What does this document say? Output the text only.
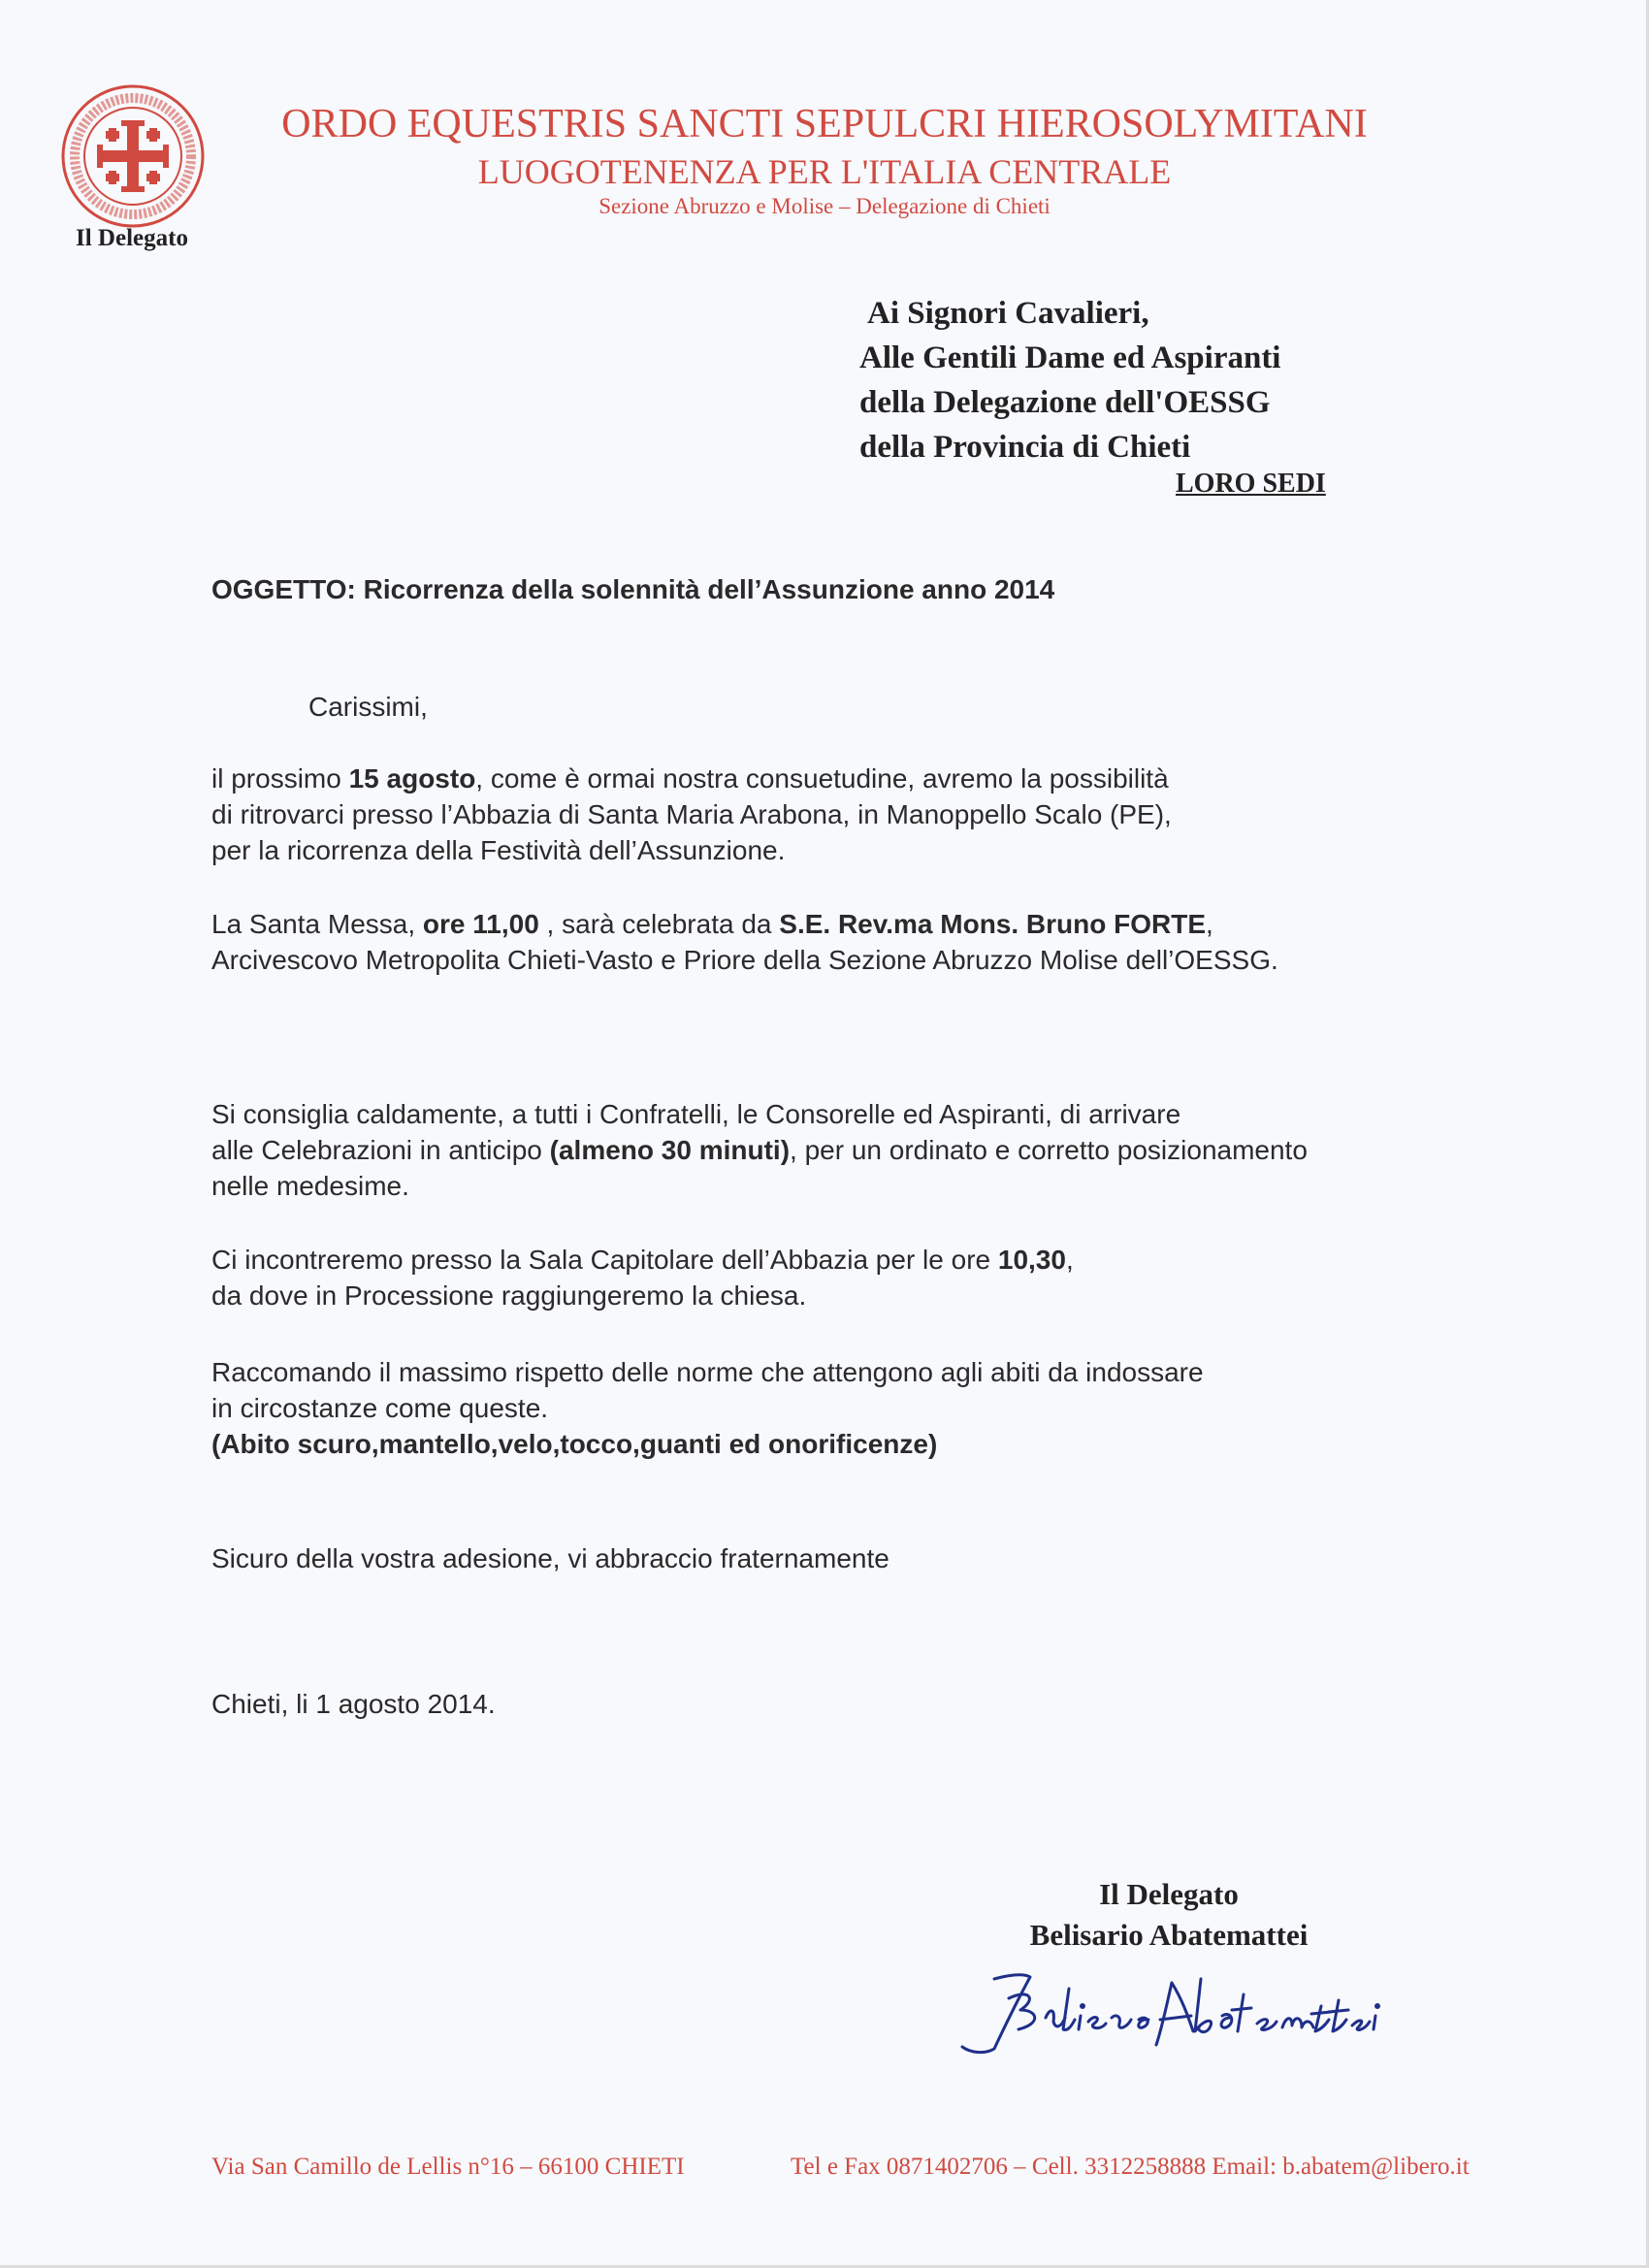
Il Delegato
ORDO EQUESTRIS SANCTI SEPULCRI HIEROSOLYMITANI
LUOGOTENENZA PER L'ITALIA CENTRALE
Sezione Abruzzo e Molise – Delegazione di Chieti
Ai Signori Cavalieri,
Alle Gentili Dame ed Aspiranti
della Delegazione dell'OESSG
della Provincia di Chieti
LORO SEDI
OGGETTO: Ricorrenza della solennità dell’Assunzione anno 2014
Carissimi,
il prossimo 15 agosto, come è ormai nostra consuetudine, avremo la possibilità
di ritrovarci presso l’Abbazia di Santa Maria Arabona, in Manoppello Scalo (PE),
per la ricorrenza della Festività dell’Assunzione.
La Santa Messa, ore 11,00 , sarà celebrata da S.E. Rev.ma Mons. Bruno FORTE,
Arcivescovo Metropolita Chieti-Vasto e Priore della Sezione Abruzzo Molise dell’OESSG.
Si consiglia caldamente, a tutti i Confratelli, le Consorelle ed Aspiranti, di arrivare
alle Celebrazioni in anticipo (almeno 30 minuti), per un ordinato e corretto posizionamento
nelle medesime.
Ci incontreremo presso la Sala Capitolare dell’Abbazia per le ore 10,30,
da dove in Processione raggiungeremo la chiesa.
Raccomando il massimo rispetto delle norme che attengono agli abiti da indossare
in circostanze come queste.
(Abito scuro,mantello,velo,tocco,guanti ed onorificenze)
Sicuro della vostra adesione, vi abbraccio fraternamente
Chieti, li 1 agosto 2014.
Il Delegato
Belisario Abatemattei
Via San Camillo de Lellis n°16 – 66100 CHIETI	Tel e Fax 0871402706 – Cell. 3312258888 Email: b.abatem@libero.it
